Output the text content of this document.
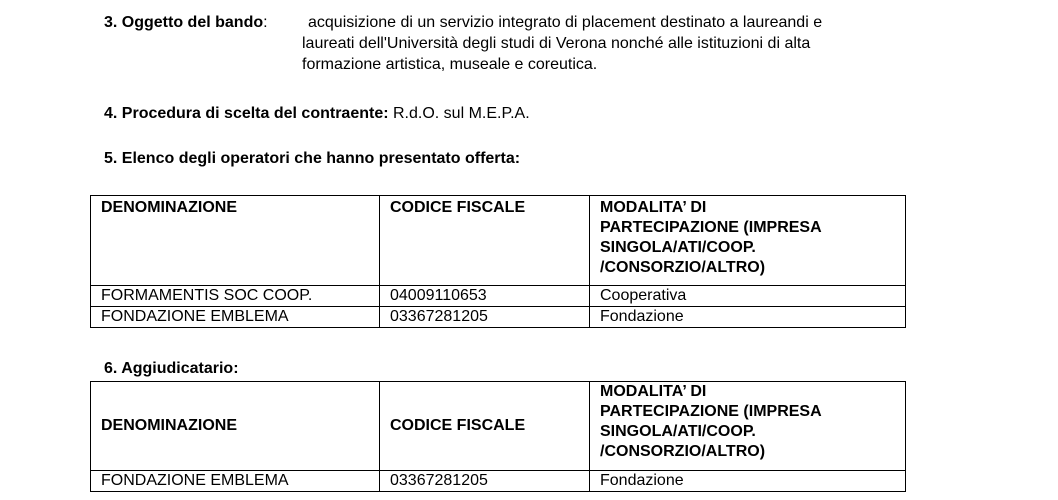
3. Oggetto del bando:	acquisizione di un servizio integrato di placement destinato a laureandi e
laureati dell'Università degli studi di Verona nonché alle istituzioni di alta
formazione artistica, museale e coreutica.
4. Procedura di scelta del contraente: R.d.O. sul M.E.P.A.
5. Elenco degli operatori che hanno presentato offerta:
DENOMINAZIONE	CODICE FISCALE	MODALITA’ DI
PARTECIPAZIONE (IMPRESA
SINGOLA/ATI/COOP.
/CONSORZIO/ALTRO)

FORMAMENTIS SOC COOP.	04009110653	Cooperativa
FONDAZIONE EMBLEMA	03367281205	Fondazione
6. Aggiudicatario:
DENOMINAZIONE	CODICE FISCALE	MODALITA’ DI
PARTECIPAZIONE (IMPRESA
SINGOLA/ATI/COOP.
/CONSORZIO/ALTRO)

FONDAZIONE EMBLEMA	03367281205	Fondazione
